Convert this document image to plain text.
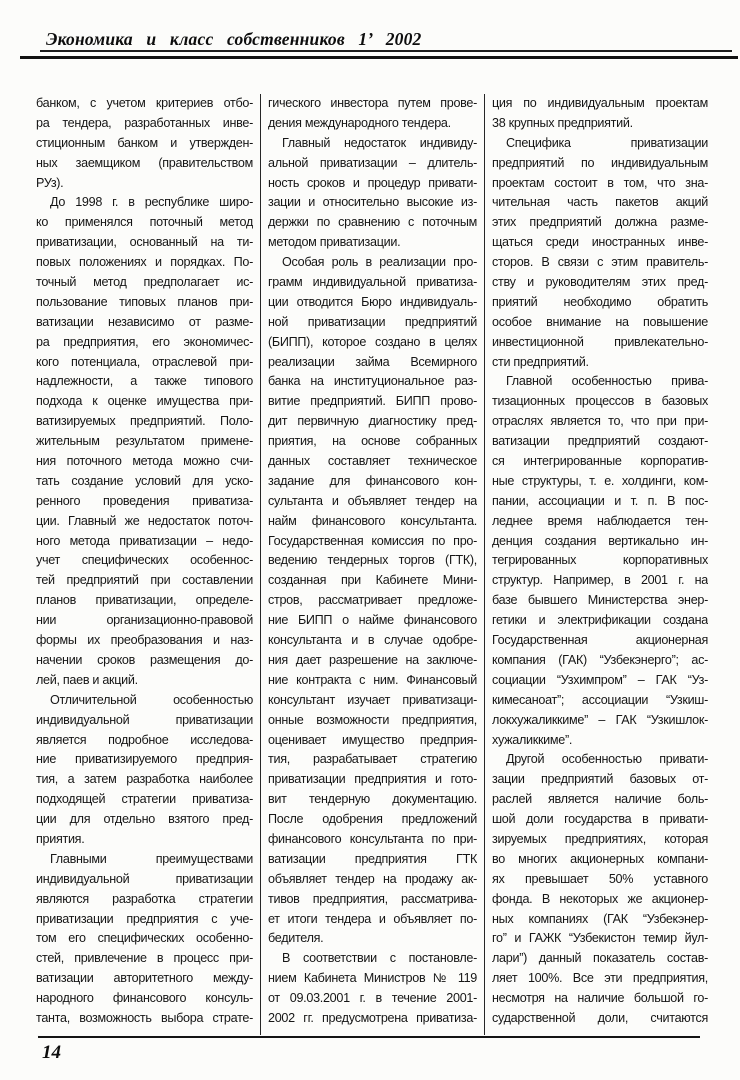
Экономика и класс собственников 1’ 2002
банком, с учетом критериев отбо-
ра тендера, разработанных инве-
стиционным банком и утвержден-
ных заемщиком (правительством
РУз).
До 1998 г. в республике широ-
ко применялся поточный метод
приватизации, основанный на ти-
повых положениях и порядках. По-
точный метод предполагает ис-
пользование типовых планов при-
ватизации независимо от разме-
ра предприятия, его экономичес-
кого потенциала, отраслевой при-
надлежности, а также типового
подхода к оценке имущества при-
ватизируемых предприятий. Поло-
жительным результатом примене-
ния поточного метода можно счи-
тать создание условий для уско-
ренного проведения приватиза-
ции. Главный же недостаток поточ-
ного метода приватизации – недо-
учет специфических особеннос-
тей предприятий при составлении
планов приватизации, определе-
нии организационно-правовой
формы их преобразования и наз-
начении сроков размещения до-
лей, паев и акций.
Отличительной особенностью
индивидуальной приватизации
является подробное исследова-
ние приватизируемого предприя-
тия, а затем разработка наиболее
подходящей стратегии приватиза-
ции для отдельно взятого пред-
приятия.
Главными преимуществами
индивидуальной приватизации
являются разработка стратегии
приватизации предприятия с уче-
том его специфических особенно-
стей, привлечение в процесс при-
ватизации авторитетного между-
народного финансового консуль-
танта, возможность выбора страте-
гического инвестора путем прове-
дения международного тендера.
Главный недостаток индивиду-
альной приватизации – длитель-
ность сроков и процедур привати-
зации и относительно высокие из-
держки по сравнению с поточным
методом приватизации.
Особая роль в реализации про-
грамм индивидуальной приватиза-
ции отводится Бюро индивидуаль-
ной приватизации предприятий
(БИПП), которое создано в целях
реализации займа Всемирного
банка на институциональное раз-
витие предприятий. БИПП прово-
дит первичную диагностику пред-
приятия, на основе собранных
данных составляет техническое
задание для финансового кон-
сультанта и объявляет тендер на
найм финансового консультанта.
Государственная комиссия по про-
ведению тендерных торгов (ГТК),
созданная при Кабинете Мини-
стров, рассматривает предложе-
ние БИПП о найме финансового
консультанта и в случае одобре-
ния дает разрешение на заключе-
ние контракта с ним. Финансовый
консультант изучает приватизаци-
онные возможности предприятия,
оценивает имущество предприя-
тия, разрабатывает стратегию
приватизации предприятия и гото-
вит тендерную документацию.
После одобрения предложений
финансового консультанта по при-
ватизации предприятия ГТК
объявляет тендер на продажу ак-
тивов предприятия, рассматрива-
ет итоги тендера и объявляет по-
бедителя.
В соответствии с постановле-
нием Кабинета Министров № 119
от 09.03.2001 г. в течение 2001-
2002 гг. предусмотрена приватиза-
ция по индивидуальным проектам
38 крупных предприятий.
Специфика приватизации
предприятий по индивидуальным
проектам состоит в том, что зна-
чительная часть пакетов акций
этих предприятий должна разме-
щаться среди иностранных инве-
сторов. В связи с этим правитель-
ству и руководителям этих пред-
приятий необходимо обратить
особое внимание на повышение
инвестиционной привлекательно-
сти предприятий.
Главной особенностью прива-
тизационных процессов в базовых
отраслях является то, что при при-
ватизации предприятий создают-
ся интегрированные корпоратив-
ные структуры, т. е. холдинги, ком-
пании, ассоциации и т. п. В пос-
леднее время наблюдается тен-
денция создания вертикально ин-
тегрированных корпоративных
структур. Например, в 2001 г. на
базе бывшего Министерства энер-
гетики и электрификации создана
Государственная акционерная
компания (ГАК) “Узбекэнерго”; ас-
социации “Узхимпром” – ГАК “Уз-
кимесаноат”; ассоциации “Узкиш-
локхужаликкиме” – ГАК “Узкишлок-
хужаликкиме”.
Другой особенностью привати-
зации предприятий базовых от-
раслей является наличие боль-
шой доли государства в привати-
зируемых предприятиях, которая
во многих акционерных компани-
ях превышает 50% уставного
фонда. В некоторых же акционер-
ных компаниях (ГАК “Узбекэнер-
го” и ГАЖК “Узбекистон темир йул-
лари”) данный показатель состав-
ляет 100%. Все эти предприятия,
несмотря на наличие большой го-
сударственной доли, считаются
14
